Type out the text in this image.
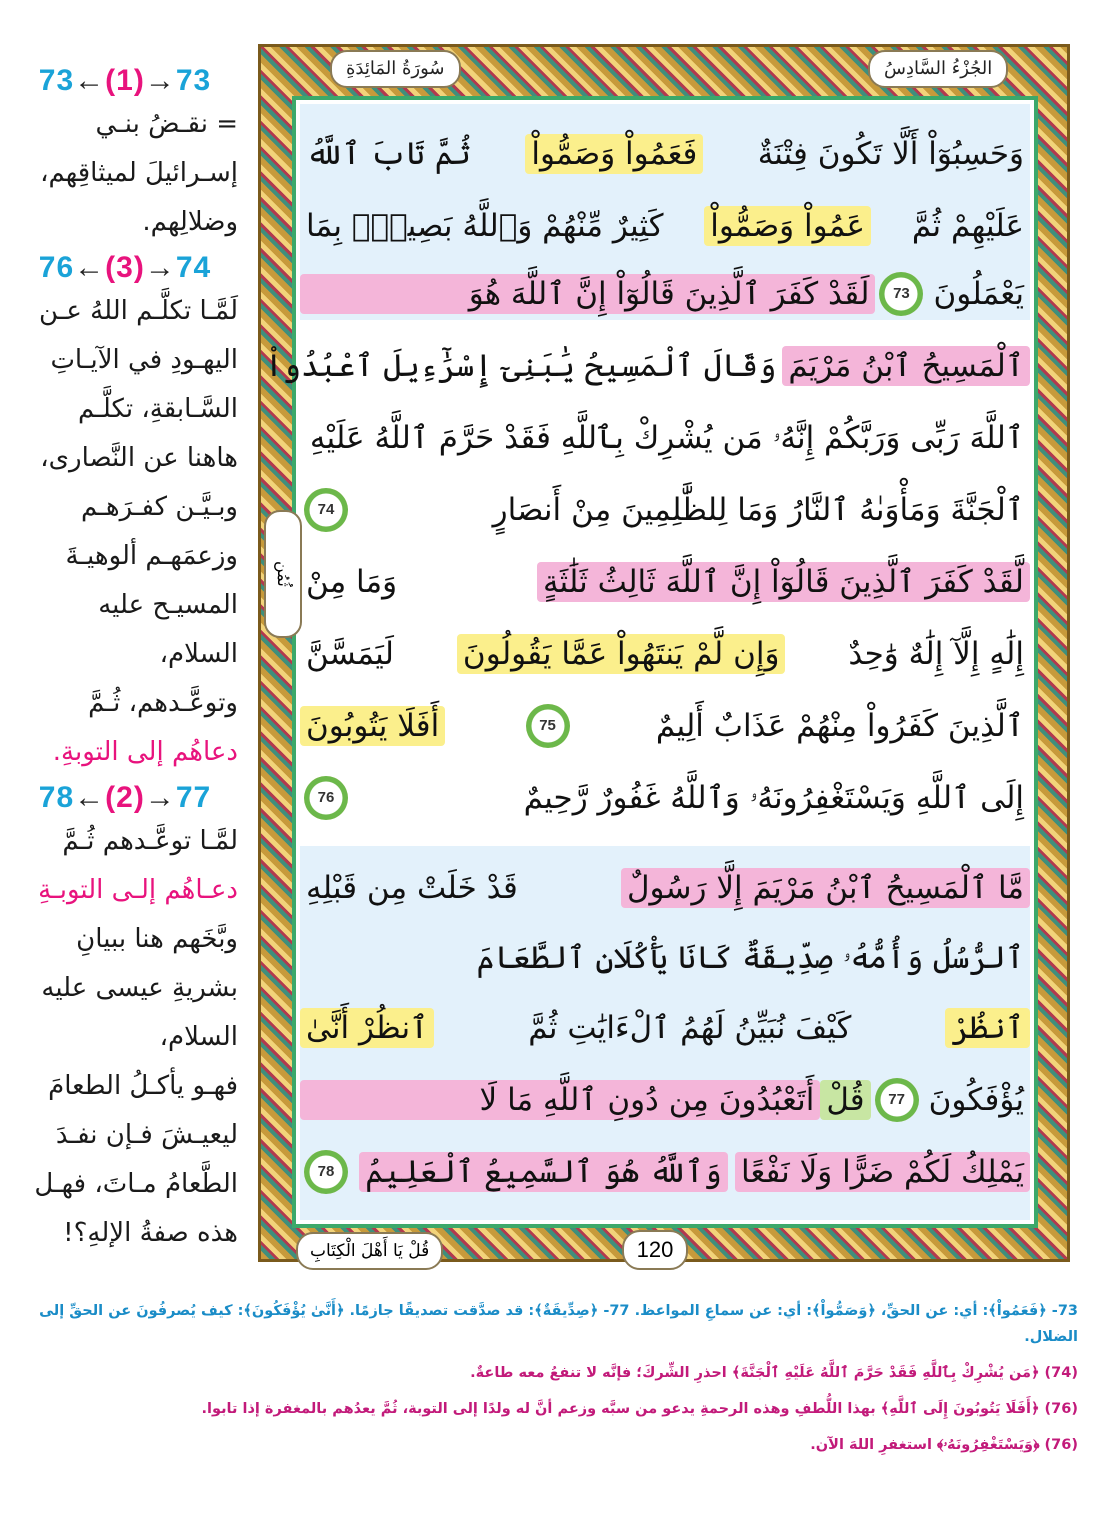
73←(1)→73

= نقـضُ بنـي

إسـرائيلَ لميثاقِهم،

وضلالِهم.

76←(3)→74

لَمَّـا تكلَّـم اللهُ عـن

اليهـودِ في الآيـاتِ

السَّـابقةِ، تكلَّـم

هاهنا عن النَّصارى،

وبـيَّـن كفـرَهـم

وزعمَهـم ألوهيـةَ

المسيـح عليه السلام،

وتوعَّـدهم، ثُـمَّ

دعاهُم إلى التوبةِ.

78←(2)→77

لمَّـا توعَّـدهم ثُـمَّ

دعـاهُم إلـى التوبـةِ

وبَّخَهم هنا ببيانِ

بشريةِ عيسى عليه السلام،

فهـو يأكـلُ الطعامَ

ليعيـشَ فـإن نفـدَ

الطَّعامُ مـاتَ، فهـل

هذه صفةُ الإلهِ؟!

الجُزْءُ السَّادِسُ
سُورَةُ المَائِدَةِ
ثُمُن
وَحَسِبُوٓاْ أَلَّا تَكُونَ فِتْنَةٌ
فَعَمُواْ وَصَمُّواْ
ثُمَّ تَابَ ٱللَّهُ
عَلَيْهِمْ ثُمَّ
عَمُواْ وَصَمُّواْ
كَثِيرٌ مِّنْهُمْ وَٱللَّهُ بَصِيرُۢ بِمَا
يَعْمَلُونَ
73
لَقَدْ كَفَرَ ٱلَّذِينَ قَالُوٓاْ إِنَّ ٱللَّهَ هُوَ
ٱلْمَسِيحُ ٱبْنُ مَرْيَمَ
وَقَالَ ٱلْمَسِيحُ يَٰبَنِىٓ إِسْرَٰٓءِيلَ ٱعْبُدُواْ
ٱللَّهَ رَبِّى وَرَبَّكُمْ إِنَّهُۥ مَن يُشْرِكْ بِٱللَّهِ فَقَدْ حَرَّمَ ٱللَّهُ عَلَيْهِ
ٱلْجَنَّةَ وَمَأْوَىٰهُ ٱلنَّارُ وَمَا لِلظَّٰلِمِينَ مِنْ أَنصَارٍ
74
لَّقَدْ كَفَرَ ٱلَّذِينَ قَالُوٓاْ إِنَّ ٱللَّهَ ثَالِثُ ثَلَٰثَةٍ
وَمَا مِنْ
إِلَٰهٍ إِلَّآ إِلَٰهٌ وَٰحِدٌ
وَإِن لَّمْ يَنتَهُواْ عَمَّا يَقُولُونَ
لَيَمَسَّنَّ
ٱلَّذِينَ كَفَرُواْ مِنْهُمْ عَذَابٌ أَلِيمٌ
75
أَفَلَا يَتُوبُونَ
إِلَى ٱللَّهِ وَيَسْتَغْفِرُونَهُۥ وَٱللَّهُ غَفُورٌ رَّحِيمٌ
76
مَّا ٱلْمَسِيحُ ٱبْنُ مَرْيَمَ إِلَّا رَسُولٌ
قَدْ خَلَتْ مِن قَبْلِهِ
ٱلرُّسُلُ وَأُمُّهُۥ صِدِّيقَةٌ كَانَا يَأْكُلَانِ ٱلطَّعَامَ
ٱنظُرْ
كَيْفَ نُبَيِّنُ لَهُمُ ٱلْءَايَٰتِ ثُمَّ
ٱنظُرْ أَنَّىٰ
يُؤْفَكُونَ
77
قُلْ
أَتَعْبُدُونَ مِن دُونِ ٱللَّهِ مَا لَا
يَمْلِكُ لَكُمْ ضَرًّا وَلَا نَفْعًا
وَٱللَّهُ هُوَ ٱلسَّمِيعُ ٱلْعَلِيمُ
78
قُلْ يَا أَهْلَ الْكِتَابِ	120

73- ﴿فَعَمُواْ﴾: أي: عن الحقِّ، ﴿وَصَمُّواْ﴾: أي: عن سماعِ المواعظ. 77- ﴿صِدِّيقَةٌ﴾: قد صدَّقت تصديقًا جازمًا. ﴿أَنَّىٰ يُؤْفَكُونَ﴾: كيف يُصرفُونَ عن الحقِّ إلى الضلال.

(74) ﴿مَن يُشْرِكْ بِٱللَّهِ فَقَدْ حَرَّمَ ٱللَّهُ عَلَيْهِ ٱلْجَنَّةَ﴾ احذرِ الشِّركَ؛ فإنَّه لا تنفعُ معه طاعةٌ.

(76) ﴿أَفَلَا يَتُوبُونَ إِلَى ٱللَّهِ﴾ بهذا اللُّطفِ وهذه الرحمةِ يدعو من سبَّه وزعم أنَّ له ولدًا إلى التوبة، ثُمَّ يعدُهم بالمغفرة إذا تابوا.

(76) ﴿وَيَسْتَغْفِرُونَهُۥ﴾ استغفرِ اللهَ الآن.
